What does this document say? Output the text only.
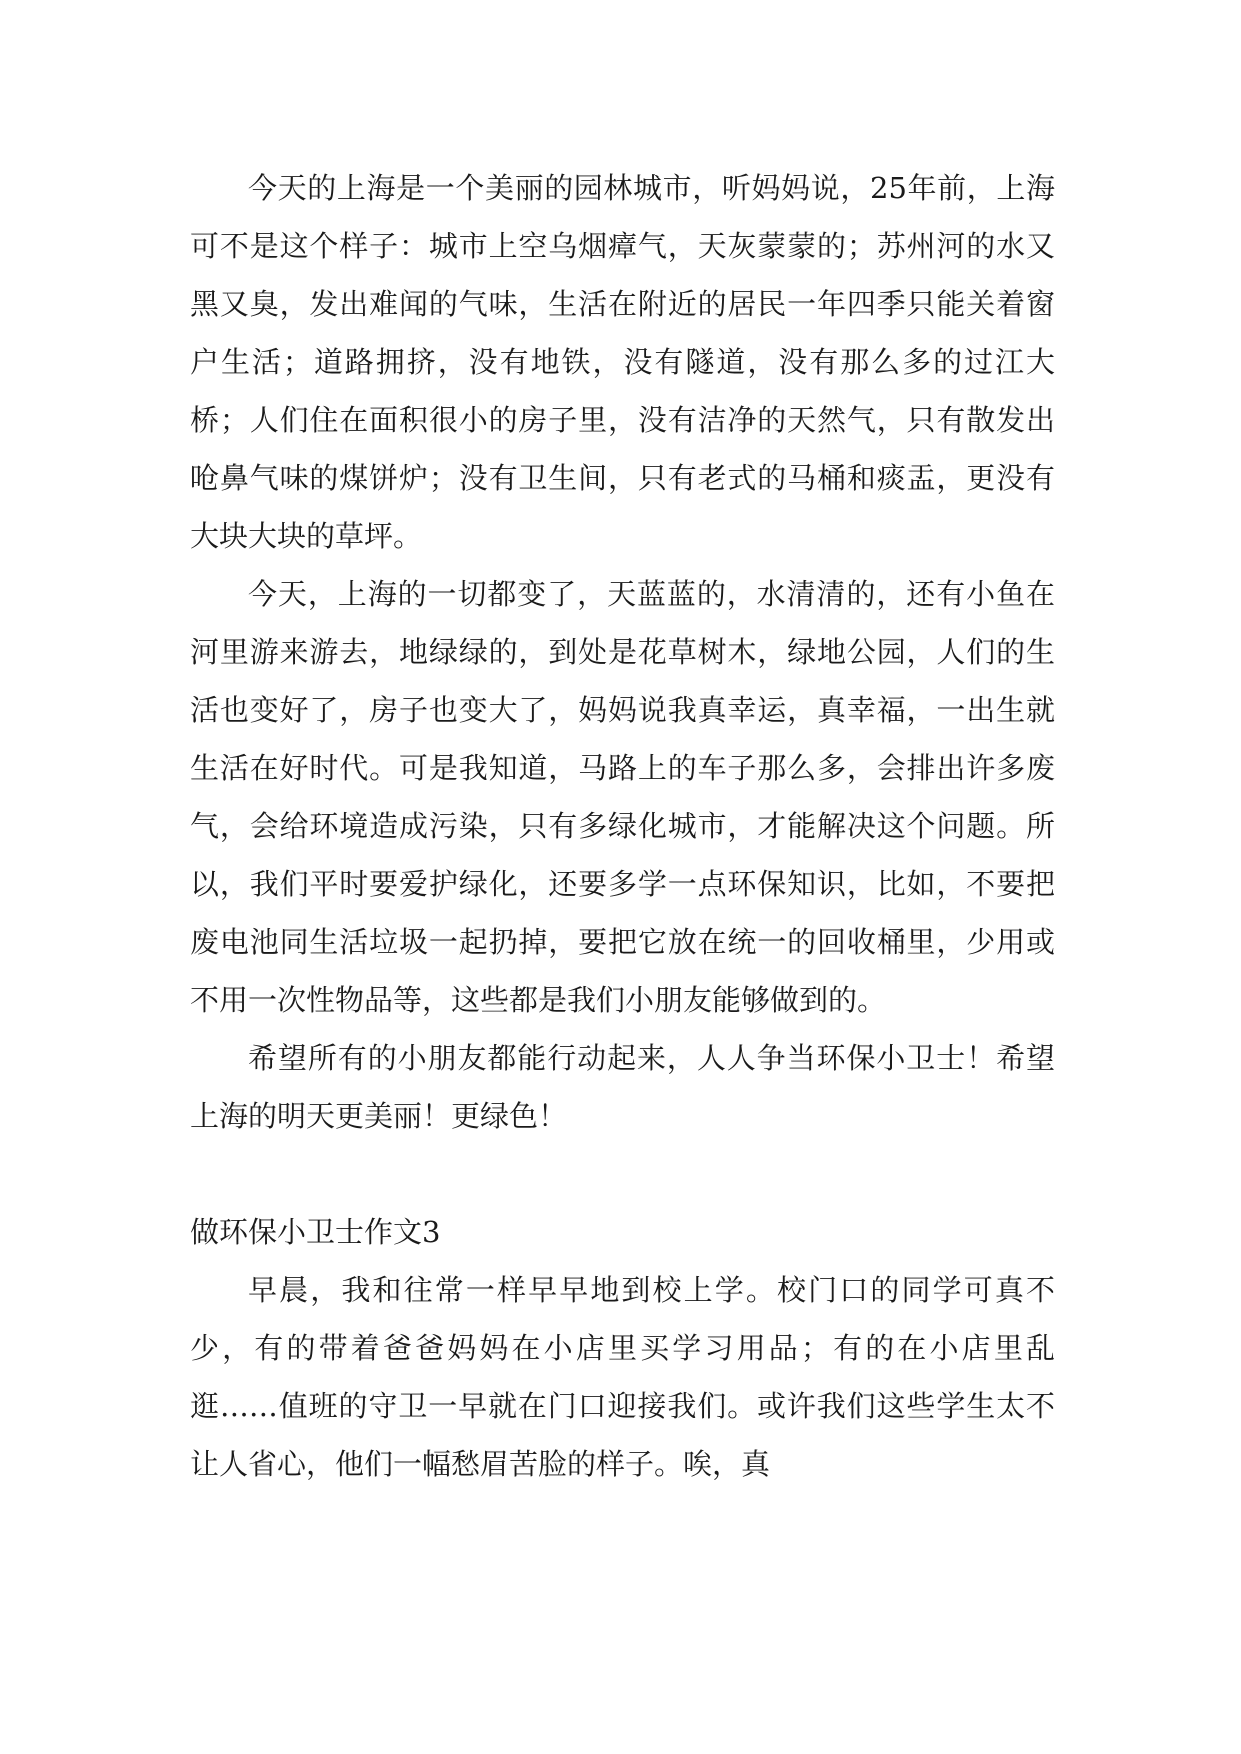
今天的上海是一个美丽的园林城市，听妈妈说，25年前，上海可不是这个样子：城市上空乌烟瘴气，天灰蒙蒙的；苏州河的水又黑又臭，发出难闻的气味，生活在附近的居民一年四季只能关着窗户生活；道路拥挤，没有地铁，没有隧道，没有那么多的过江大桥；人们住在面积很小的房子里，没有洁净的天然气，只有散发出呛鼻气味的煤饼炉；没有卫生间，只有老式的马桶和痰盂，更没有大块大块的草坪。

今天，上海的一切都变了，天蓝蓝的，水清清的，还有小鱼在河里游来游去，地绿绿的，到处是花草树木，绿地公园，人们的生活也变好了，房子也变大了，妈妈说我真幸运，真幸福，一出生就生活在好时代。可是我知道，马路上的车子那么多，会排出许多废气，会给环境造成污染，只有多绿化城市，才能解决这个问题。所以，我们平时要爱护绿化，还要多学一点环保知识，比如，不要把废电池同生活垃圾一起扔掉，要把它放在统一的回收桶里，少用或不用一次性物品等，这些都是我们小朋友能够做到的。

希望所有的小朋友都能行动起来，人人争当环保小卫士！希望上海的明天更美丽！更绿色！

做环保小卫士作文3

早晨，我和往常一样早早地到校上学。校门口的同学可真不少，有的带着爸爸妈妈在小店里买学习用品；有的在小店里乱逛……值班的守卫一早就在门口迎接我们。或许我们这些学生太不让人省心，他们一幅愁眉苦脸的样子。唉，真
